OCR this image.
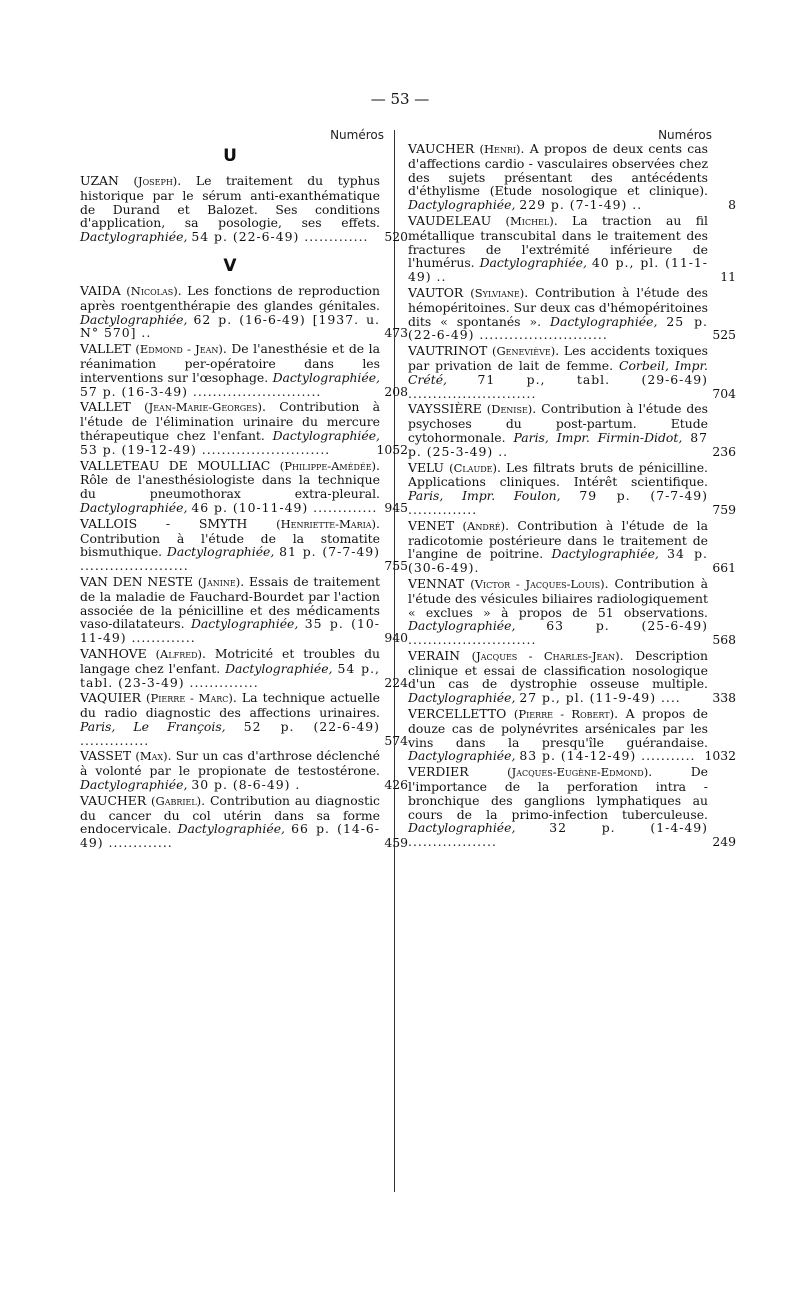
— 53 —
Numéros
U
UZAN (Joseph). Le traitement du typhus historique par le sérum anti-exanthématique de Durand et Balozet. Ses conditions d'application, sa posologie, ses effets. Dactylographiée, 54 p. (22-6-49) .............	520
V
VAIDA (Nicolas). Les fonctions de reproduction après roentgenthérapie des glandes génitales. Dactylographiée, 62 p. (16-6-49) [1937. u. N° 570] ..	473
VALLET (Edmond - Jean). De l'anesthésie et de la réanimation per-opératoire dans les interventions sur l'œsophage. Dactylographiée, 57 p. (16-3-49) ..........................	208
VALLET (Jean-Marie-Georges). Contribution à l'étude de l'élimination urinaire du mercure thérapeutique chez l'enfant. Dactylographiée, 53 p. (19-12-49) ..........................	1052
VALLETEAU DE MOULLIAC (Philippe-Amédée). Rôle de l'anesthésiologiste dans la technique du pneumothorax extra-pleural. Dactylographiée, 46 p. (10-11-49) ............. 945
VALLOIS - SMYTH	(Henriette-Maria). Contribution à l'étude de la stomatite bismuthique. Dactylographiée, 81 p. (7-7-49) ......................	755
VAN DEN NESTE (Janine). Essais de traitement de la maladie de Fauchard-Bourdet par l'action associée de la pénicilline et des médicaments vaso-dilatateurs. Dactylographiée, 35 p. (10-11-49) .............	940
VANHOVE (Alfred). Motricité et troubles du langage chez l'enfant. Dactylographiée, 54 p., tabl. (23-3-49) ..............	224
VAQUIER (Pierre - Marc). La technique actuelle du radio diagnostic des affections urinaires. Paris, Le François, 52 p. (22-6-49) ..............	574
VASSET (Max). Sur un cas d'arthrose déclenché à volonté par le propionate de testostérone. Dactylographiée, 30 p. (8-6-49) .	426
VAUCHER (Gabriel). Contribution au diagnostic du cancer du col utérin dans sa forme endocervicale. Dactylographiée, 66 p. (14-6-49) .............	459
Numéros
VAUCHER (Henri). A propos de deux cents cas d'affections cardio - vasculaires observées chez des sujets présentant des antécédents d'éthylisme (Etude nosologique et clinique). Dactylographiée, 229 p. (7-1-49) ..	8
VAUDELEAU (Michel). La traction au fil métallique transcubital dans le traitement des fractures de l'extrémité inférieure de l'humérus. Dactylographiée, 40 p., pl. (11-1-49) ..	11
VAUTOR (Sylviane). Contribution à l'étude des hémopéritoines. Sur deux cas d'hémopéritoines dits « spontanés ». Dactylographiée, 25 p. (22-6-49) ..........................	525
VAUTRINOT (Geneviève). Les accidents toxiques par privation de lait de femme. Corbeil, Impr. Crété, 71 p., tabl. (29-6-49) ..........................	704
VAYSSIÈRE (Denise). Contribution à l'étude des psychoses du post-partum. Etude cytohormonale. Paris, Impr. Firmin-Didot, 87 p. (25-3-49) ..	236
VELU (Claude). Les filtrats bruts de pénicilline. Applications cliniques. Intérêt scientifique. Paris, Impr. Foulon, 79 p. (7-7-49) ..............	759
VENET (André). Contribution à l'étude de la radicotomie postérieure dans le traitement de l'angine de poitrine. Dactylographiée, 34 p. (30-6-49).	661
VENNAT (Victor - Jacques-Louis). Contribution à l'étude des vésicules biliaires radiologiquement « exclues » à propos de 51 observations. Dactylographiée, 63 p. (25-6-49) ..........................	568
VERAIN (Jacques - Charles-Jean). Description clinique et essai de classification nosologique d'un cas de dystrophie osseuse multiple. Dactylographiée, 27 p., pl. (11-9-49) ....	338
VERCELLETTO (Pierre - Robert). A propos de douze cas de polynévrites arsénicales par les vins dans la presqu'île guérandaise. Dactylographiée, 83 p. (14-12-49) ........... 1032
VERDIER	(Jacques-Eugène-Edmond). De l'importance de la perforation intra - bronchique des ganglions lymphatiques au cours de la primo-infection tuberculeuse. Dactylographiée,	32 p. (1-4-49) ..................	249
